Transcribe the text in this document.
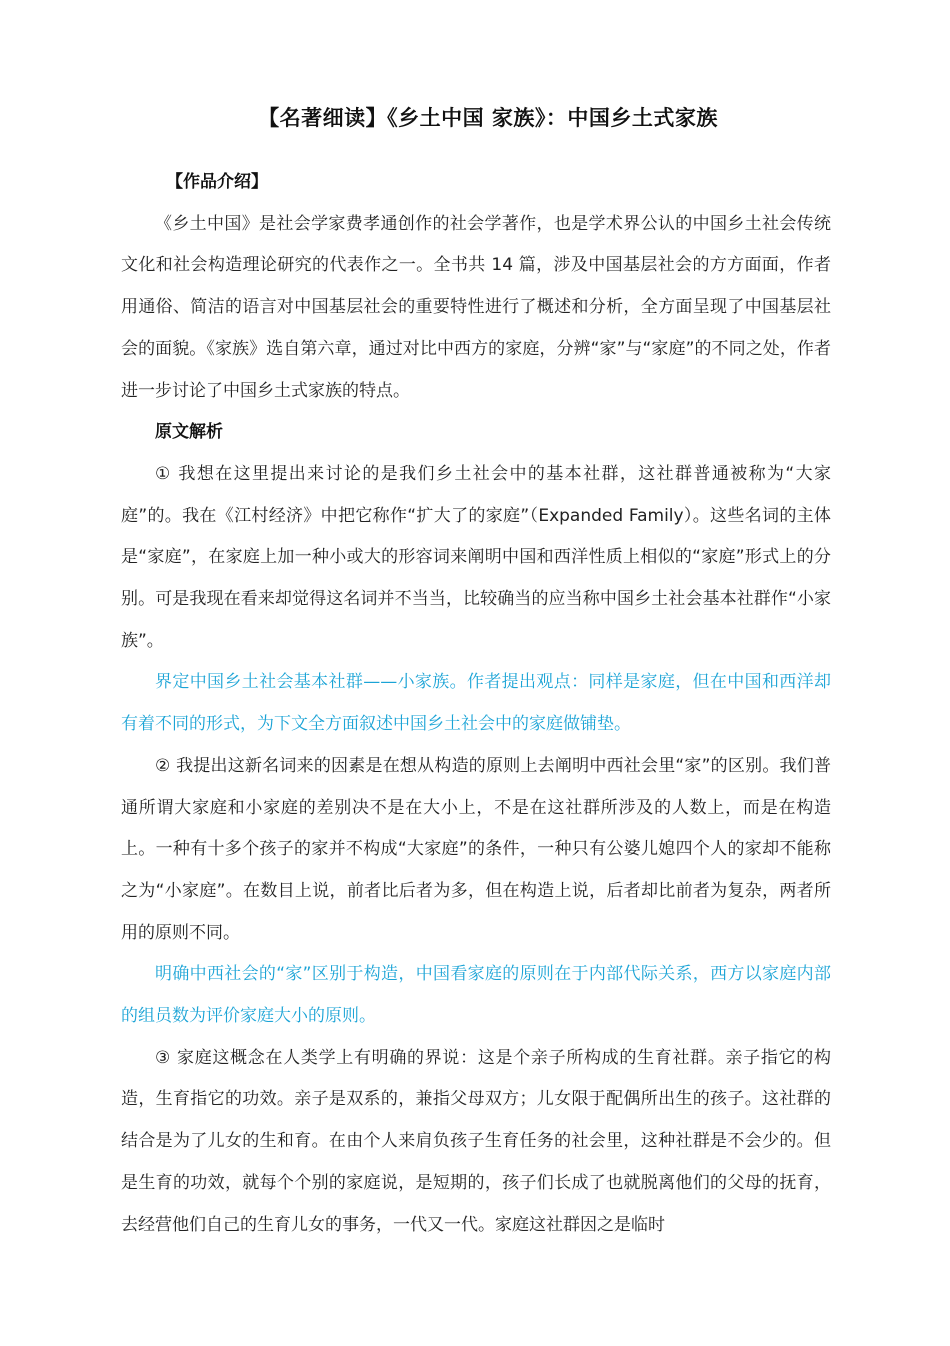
【名著细读】《乡土中国 家族》：中国乡土式家族
【作品介绍】

《乡土中国》是社会学家费孝通创作的社会学著作，也是学术界公认的中国乡土社会传统文化和社会构造理论研究的代表作之一。全书共 14 篇，涉及中国基层社会的方方面面，作者用通俗、简洁的语言对中国基层社会的重要特性进行了概述和分析，全方面呈现了中国基层社会的面貌。《家族》选自第六章，通过对比中西方的家庭，分辨“家”与“家庭”的不同之处，作者进一步讨论了中国乡土式家族的特点。

原文解析

① 我想在这里提出来讨论的是我们乡土社会中的基本社群，这社群普通被称为“大家庭”的。我在《江村经济》中把它称作“扩大了的家庭”（Expanded Family）。这些名词的主体是“家庭”，在家庭上加一种小或大的形容词来阐明中国和西洋性质上相似的“家庭”形式上的分别。可是我现在看来却觉得这名词并不当当，比较确当的应当称中国乡土社会基本社群作“小家族”。

界定中国乡土社会基本社群——小家族。作者提出观点：同样是家庭，但在中国和西洋却有着不同的形式，为下文全方面叙述中国乡土社会中的家庭做铺垫。

② 我提出这新名词来的因素是在想从构造的原则上去阐明中西社会里“家”的区别。我们普通所谓大家庭和小家庭的差别决不是在大小上，不是在这社群所涉及的人数上，而是在构造上。一种有十多个孩子的家并不构成“大家庭”的条件，一种只有公婆儿媳四个人的家却不能称之为“小家庭”。在数目上说，前者比后者为多，但在构造上说，后者却比前者为复杂，两者所用的原则不同。

明确中西社会的“家”区别于构造，中国看家庭的原则在于内部代际关系，西方以家庭内部的组员数为评价家庭大小的原则。

③ 家庭这概念在人类学上有明确的界说：这是个亲子所构成的生育社群。亲子指它的构造，生育指它的功效。亲子是双系的，兼指父母双方；儿女限于配偶所出生的孩子。这社群的结合是为了儿女的生和育。在由个人来肩负孩子生育任务的社会里，这种社群是不会少的。但是生育的功效，就每个个别的家庭说，是短期的，孩子们长成了也就脱离他们的父母的抚育，去经营他们自己的生育儿女的事务，一代又一代。家庭这社群因之是临时
